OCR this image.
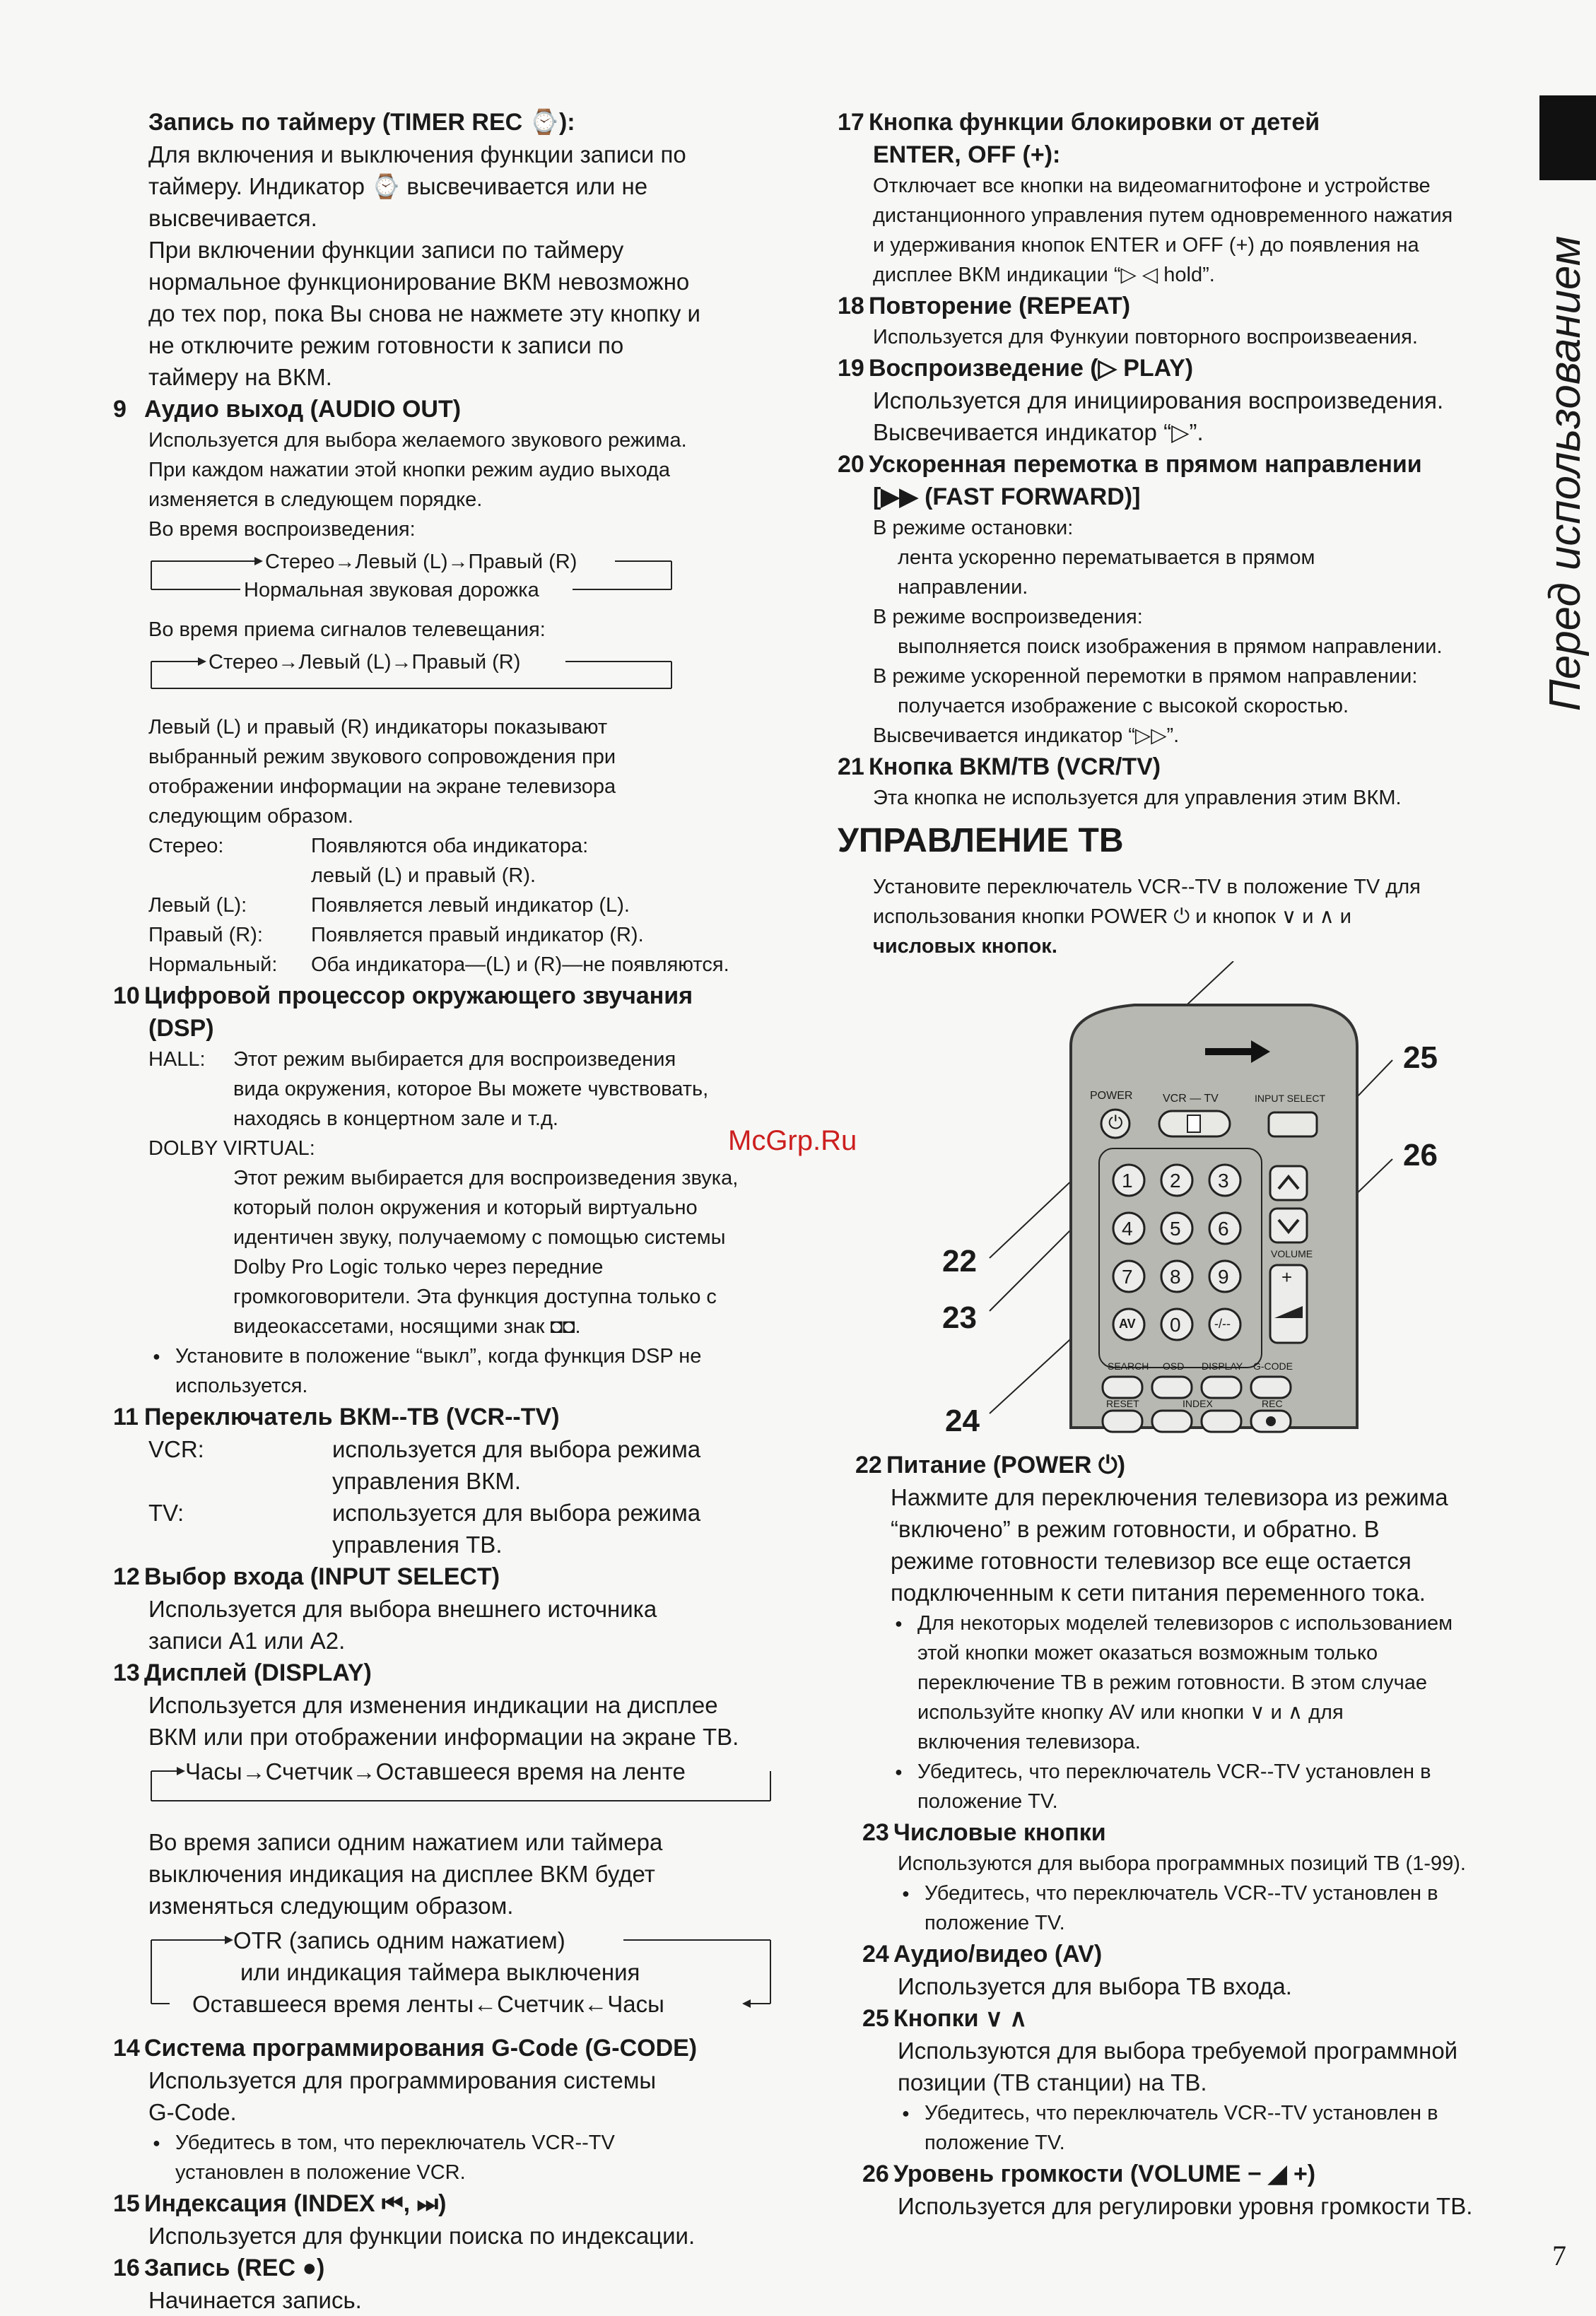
Перед использованием
Запись по таймеру (TIMER REC ⌚):
Для включения и выключения функции записи по
таймеру. Индикатор ⌚ высвечивается или не
высвечивается.
При включении функции записи по таймеру
нормальное функционирование ВКМ невозможно
до тех пор, пока Вы снова не нажмете эту кнопку и
не отключите режим готовности к записи по
таймеру на ВКМ.
9 Аудио выход (AUDIO OUT)
Используется для выбора желаемого звукового режима.
При каждом нажатии этой кнопки режим аудио выхода
изменяется в следующем порядке.
Во время воспроизведения:
Стерео→Левый (L)→Правый (R)
Нормальная звуковая дорожка
Во время приема сигналов телевещания:
Стерео→Левый (L)→Правый (R)
Левый (L) и правый (R) индикаторы показывают
выбранный режим звукового сопровождения при
отображении информации на экране телевизора
следующим образом.
Стерео:	Появляются оба индикатора:
левый (L) и правый (R).
Левый (L):	Появляется левый индикатор (L).
Правый (R):	Появляется правый индикатор (R).
Нормальный:	Оба индикатора—(L) и (R)—не появляются.
10 Цифровой процессор окружающего звучания
(DSP)
HALL:	Этот режим выбирается для воспроизведения
вида окружения, которое Вы можете чувствовать,
находясь в концертном зале и т.д.
DOLBY VIRTUAL:
Этот режим выбирается для воспроизведения звука,
который полон окружения и который виртуально
идентичен звуку, получаемому с помощью системы
Dolby Pro Logic только через передние
громкоговорители. Эта функция доступна только с
видеокассетами, носящими знак ◘◘.
● Установите в положение “выкл”, когда функция DSP не
используется.
11 Переключатель ВКМ--ТВ (VCR--TV)
VCR:	используется для выбора режима
управления ВКМ.
TV:	используется для выбора режима
управления ТВ.
12 Выбор входа (INPUT SELECT)
Используется для выбора внешнего источника
записи A1 или A2.
13 Дисплей (DISPLAY)
Используется для изменения индикации на дисплее
ВКМ или при отображении информации на экране ТВ.
Часы→Счетчик→Оставшееся время на ленте
Во время записи одним нажатием или таймера
выключения индикация на дисплее ВКМ будет
изменяться следующим образом.
OTR (запись одним нажатием)
или индикация таймера выключения
Оставшееся время ленты←Счетчик←Часы
14 Система программирования G-Code (G-CODE)
Используется для программирования системы
G-Code.
● Убедитесь в том, что переключатель VCR--TV
установлен в положение VCR.
15 Индексация (INDEX ⏮, ⏭)
Используется для функции поиска по индексации.
16 Запись (REC ●)
Начинается запись.
17 Кнопка функции блокировки от детей
ENTER, OFF (+):
Отключает все кнопки на видеомагнитофоне и устройстве
дистанционного управления путем одновременного нажатия
и удерживания кнопок ENTER и OFF (+) до появления на
дисплее ВКМ индикации “▷ ◁ hold”.
18 Повторение (REPEAT)
Используется для Функуии повторного воспроизвеаения.
19 Воспроизведение (▷ PLAY)
Используется для инициирования воспроизведения.
Высвечивается индикатор “▷”.
20 Ускоренная перемотка в прямом направлении
[▶▶ (FAST FORWARD)]
В режиме остановки:
лента ускоренно перематывается в прямом
направлении.
В режиме воспроизведения:
выполняется поиск изображения в прямом направлении.
В режиме ускоренной перемотки в прямом направлении:
получается изображение с высокой скоростью.
Высвечивается индикатор “▷▷”.
21 Кнопка ВКМ/ТВ (VCR/TV)
Эта кнопка не используется для управления этим ВКМ.
УПРАВЛЕНИЕ ТВ
Установите переключатель VCR--TV в положение TV для
использования кнопки POWER ⏻ и кнопок ∨ и ∧ и
числовых кнопок.
POWER	VCR — TV	INPUT SELECT
VOLUME
+
SEARCH OSD DISPLAY G-CODE
RESET	INDEX	REC
1 2 3
4 5 6
7 8 9
AV 0	-/--
⏻
25
26
22
23
24
22 Питание (POWER ⏻)
Нажмите для переключения телевизора из режима
“включено” в режим готовности, и обратно. В
режиме готовности телевизор все еще остается
подключенным к сети питания переменного тока.
● Для некоторых моделей телевизоров с использованием
этой кнопки может оказаться возможным только
переключение ТВ в режим готовности. В этом случае
используйте кнопку AV или кнопки ∨ и ∧ для
включения телевизора.
● Убедитесь, что переключатель VCR--TV установлен в
положение TV.
23 Числовые кнопки
Используются для выбора программных позиций ТВ (1-99).
● Убедитесь, что переключатель VCR--TV установлен в
положение TV.
24 Аудио/видео (AV)
Используется для выбора ТВ входа.
25 Кнопки ∨ ∧
Используются для выбора требуемой программной
позиции (ТВ станции) на ТВ.
● Убедитесь, что переключатель VCR--TV установлен в
положение TV.
26 Уровень громкости (VOLUME − ◢ +)
Используется для регулировки уровня громкости ТВ.
McGrp.Ru
7
